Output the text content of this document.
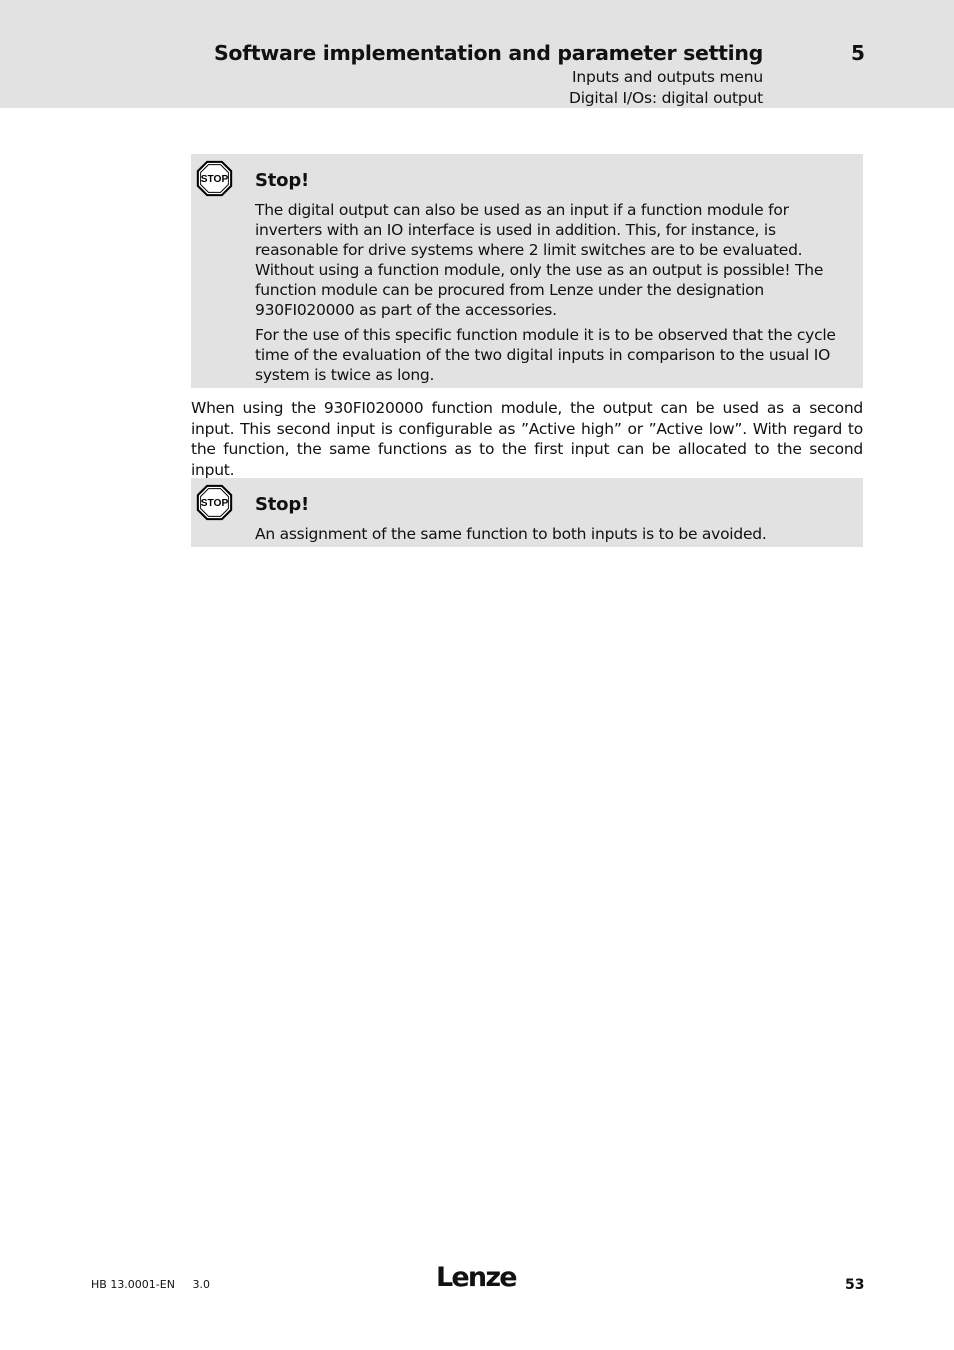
Software implementation and parameter setting	5
Inputs and outputs menu
Digital I/Os: digital output
STOP Stop!
The digital output can also be used as an input if a function module for inverters with an IO interface is used in addition. This, for instance, is reasonable for drive systems where 2 limit switches are to be evaluated. Without using a function module, only the use as an output is possible! The function module can be procured from Lenze under the designation 930FI020000 as part of the accessories.
For the use of this specific function module it is to be observed that the cycle time of the evaluation of the two digital inputs in comparison to the usual IO system is twice as long.
When using the 930FI020000 function module, the output can be used as a second input. This second input is configurable as ”Active high” or ”Active low”. With regard to the function, the same functions as to the first input can be allocated to the second input.
STOP Stop!
An assignment of the same function to both inputs is to be avoided.
HB 13.0001-EN 3.0	Lenze	53
